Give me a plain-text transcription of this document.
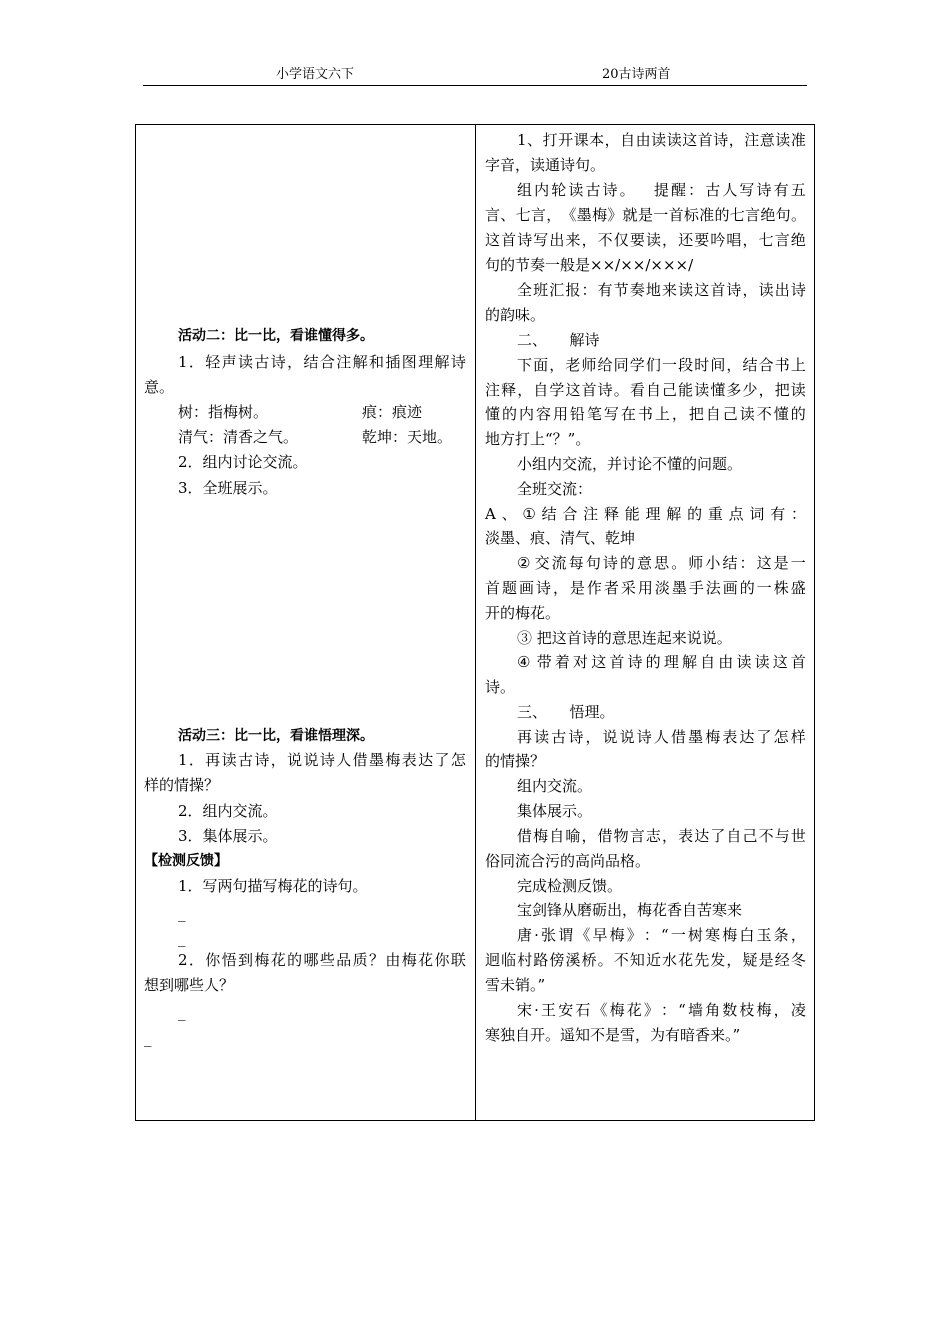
小学语文六下	20古诗两首
活动二：比一比，看谁懂得多。
1 ． 轻 声 读 古 诗 ， 结 合 注 解 和 插 图 理 解 诗
意。
树：指梅树。	痕：痕迹
清气：清香之气。	乾坤：天地。
2．组内讨论交流。
3．全班展示。
活动三：比一比，看谁悟理深。
1 ． 再 读 古 诗 ， 说 说 诗 人 借 墨 梅 表 达 了 怎
样的情操？
2．组内交流。
3．集体展示。
【检测反馈】
1．写两句描写梅花的诗句。
_
_
2 ． 你 悟 到 梅 花 的 哪 些 品 质 ？ 由 梅 花 你 联
想到哪些人？
_
_
1 、 打 开 课 本 ， 自 由 读 读 这 首 诗 ， 注 意 读 准
字音，读通诗句。
组 内 轮 读 古 诗 。
　 提 醒 ： 古 人 写 诗 有 五
言 、 七 言 ， 《 墨 梅 》 就 是 一 首 标 准 的 七 言 绝 句 。
这 首 诗 写 出 来 ， 不 仅 要 读 ， 还 要 吟 唱 ， 七 言 绝
句的节奏一般是××/××/×××/
全 班 汇 报 ： 有 节 奏 地 来 读 这 首 诗 ， 读 出 诗
的韵味。
二、　　解诗
下 面 ， 老 师 给 同 学 们 一 段 时 间 ， 结 合 书 上
注 释 ， 自 学 这 首 诗 。 看 自 己 能 读 懂 多 少 ， 把 读
懂 的 内 容 用 铅 笔 写 在 书 上 ， 把 自 己 读 不 懂 的
地方打上“？”。
小组内交流，并讨论不懂的问题。
全班交流：
A 、 ① 结 合 注 释 能 理 解 的 重 点 词 有 ：
淡墨、痕、清气、乾坤
② 交 流 每 句 诗 的 意 思 。 师 小 结 ： 这 是 一
首 题 画 诗 ， 是 作 者 采 用 淡 墨 手 法 画 的 一 株 盛
开的梅花。
③ 把这首诗的意思连起来说说。
④ 带 着 对 这 首 诗 的 理 解 自 由 读 读 这 首
诗。
三、　　悟理。
再 读 古 诗 ， 说 说 诗 人 借 墨 梅 表 达 了 怎 样
的情操？
组内交流。
集体展示。
借 梅 自 喻 ， 借 物 言 志 ， 表 达 了 自 己 不 与 世
俗同流合污的高尚品格。
完成检测反馈。
宝剑锋从磨砺出，梅花香自苦寒来
唐 · 张 谓 《 早 梅 》 ： “ 一 树 寒 梅 白 玉 条 ，
迥 临 村 路 傍 溪 桥 。 不 知 近 水 花 先 发 ， 疑 是 经 冬
雪未销。”
宋 · 王 安 石 《 梅 花 》 ： “ 墙 角 数 枝 梅 ， 凌
寒独自开。遥知不是雪，为有暗香来。”
